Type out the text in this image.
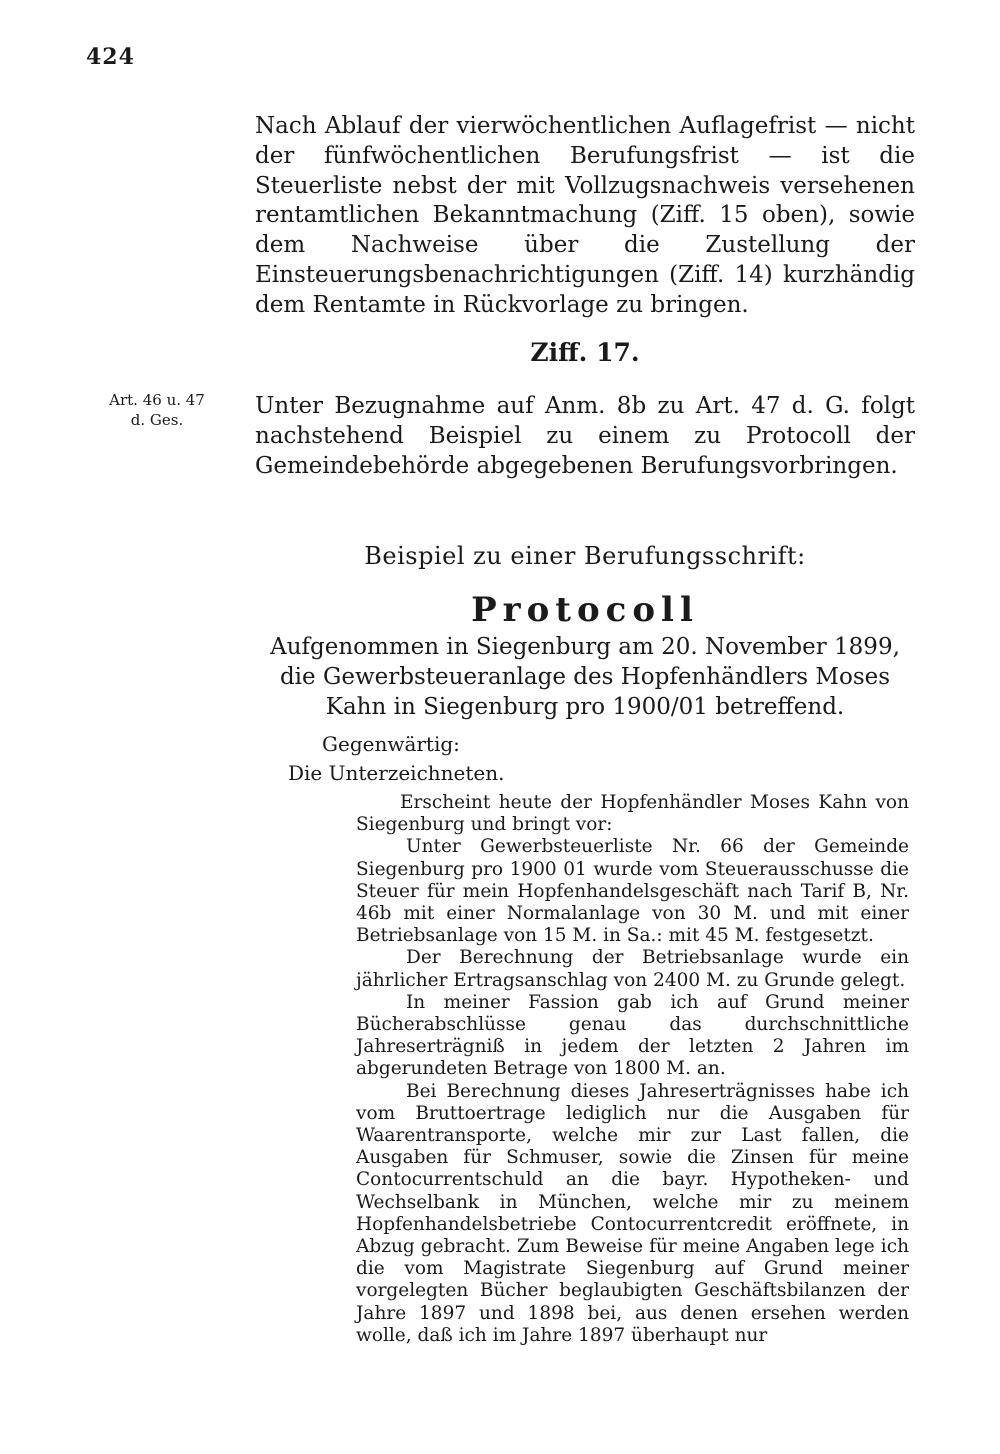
424

Nach Ablauf der vierwöchentlichen Auflagefrist — nicht der fünfwöchentlichen Berufungsfrist — ist die Steuerliste nebst der mit Vollzugsnachweis versehenen rentamtlichen Bekanntmachung (Ziff. 15 oben), sowie dem Nachweise über die Zustellung der Einsteuerungsbenachrichtigungen (Ziff. 14) kurzhändig dem Rentamte in Rückvorlage zu bringen.

Ziff. 17.
Art. 46 u. 47
d. Ges.

Unter Bezugnahme auf Anm. 8b zu Art. 47 d. G. folgt nachstehend Beispiel zu einem zu Protocoll der Gemeindebehörde abgegebenen Berufungsvorbringen.

Beispiel zu einer Berufungsschrift:
Protocoll
Aufgenommen in Siegenburg am 20. November 1899, die Gewerbsteueranlage des Hopfenhändlers Moses Kahn in Siegenburg pro 1900/01 betreffend.
Gegenwärtig:
Die Unterzeichneten.

Erscheint heute der Hopfenhändler Moses Kahn von Siegenburg und bringt vor:

Unter Gewerbsteuerliste Nr. 66 der Gemeinde Siegenburg pro 1900 01 wurde vom Steuerausschusse die Steuer für mein Hopfenhandelsgeschäft nach Tarif B, Nr. 46b mit einer Normalanlage von 30 M. und mit einer Betriebsanlage von 15 M. in Sa.: mit 45 M. festgesetzt.

Der Berechnung der Betriebsanlage wurde ein jährlicher Ertragsanschlag von 2400 M. zu Grunde gelegt.

In meiner Fassion gab ich auf Grund meiner Bücherabschlüsse genau das durchschnittliche Jahreserträgniß in jedem der letzten 2 Jahren im abgerundeten Betrage von 1800 M. an.

Bei Berechnung dieses Jahreserträgnisses habe ich vom Bruttoertrage lediglich nur die Ausgaben für Waarentransporte, welche mir zur Last fallen, die Ausgaben für Schmuser, sowie die Zinsen für meine Contocurrentschuld an die bayr. Hypotheken- und Wechselbank in München, welche mir zu meinem Hopfenhandelsbetriebe Contocurrentcredit eröffnete, in Abzug gebracht. Zum Beweise für meine Angaben lege ich die vom Magistrate Siegenburg auf Grund meiner vorgelegten Bücher beglaubigten Geschäftsbilanzen der Jahre 1897 und 1898 bei, aus denen ersehen werden wolle, daß ich im Jahre 1897 überhaupt nur
